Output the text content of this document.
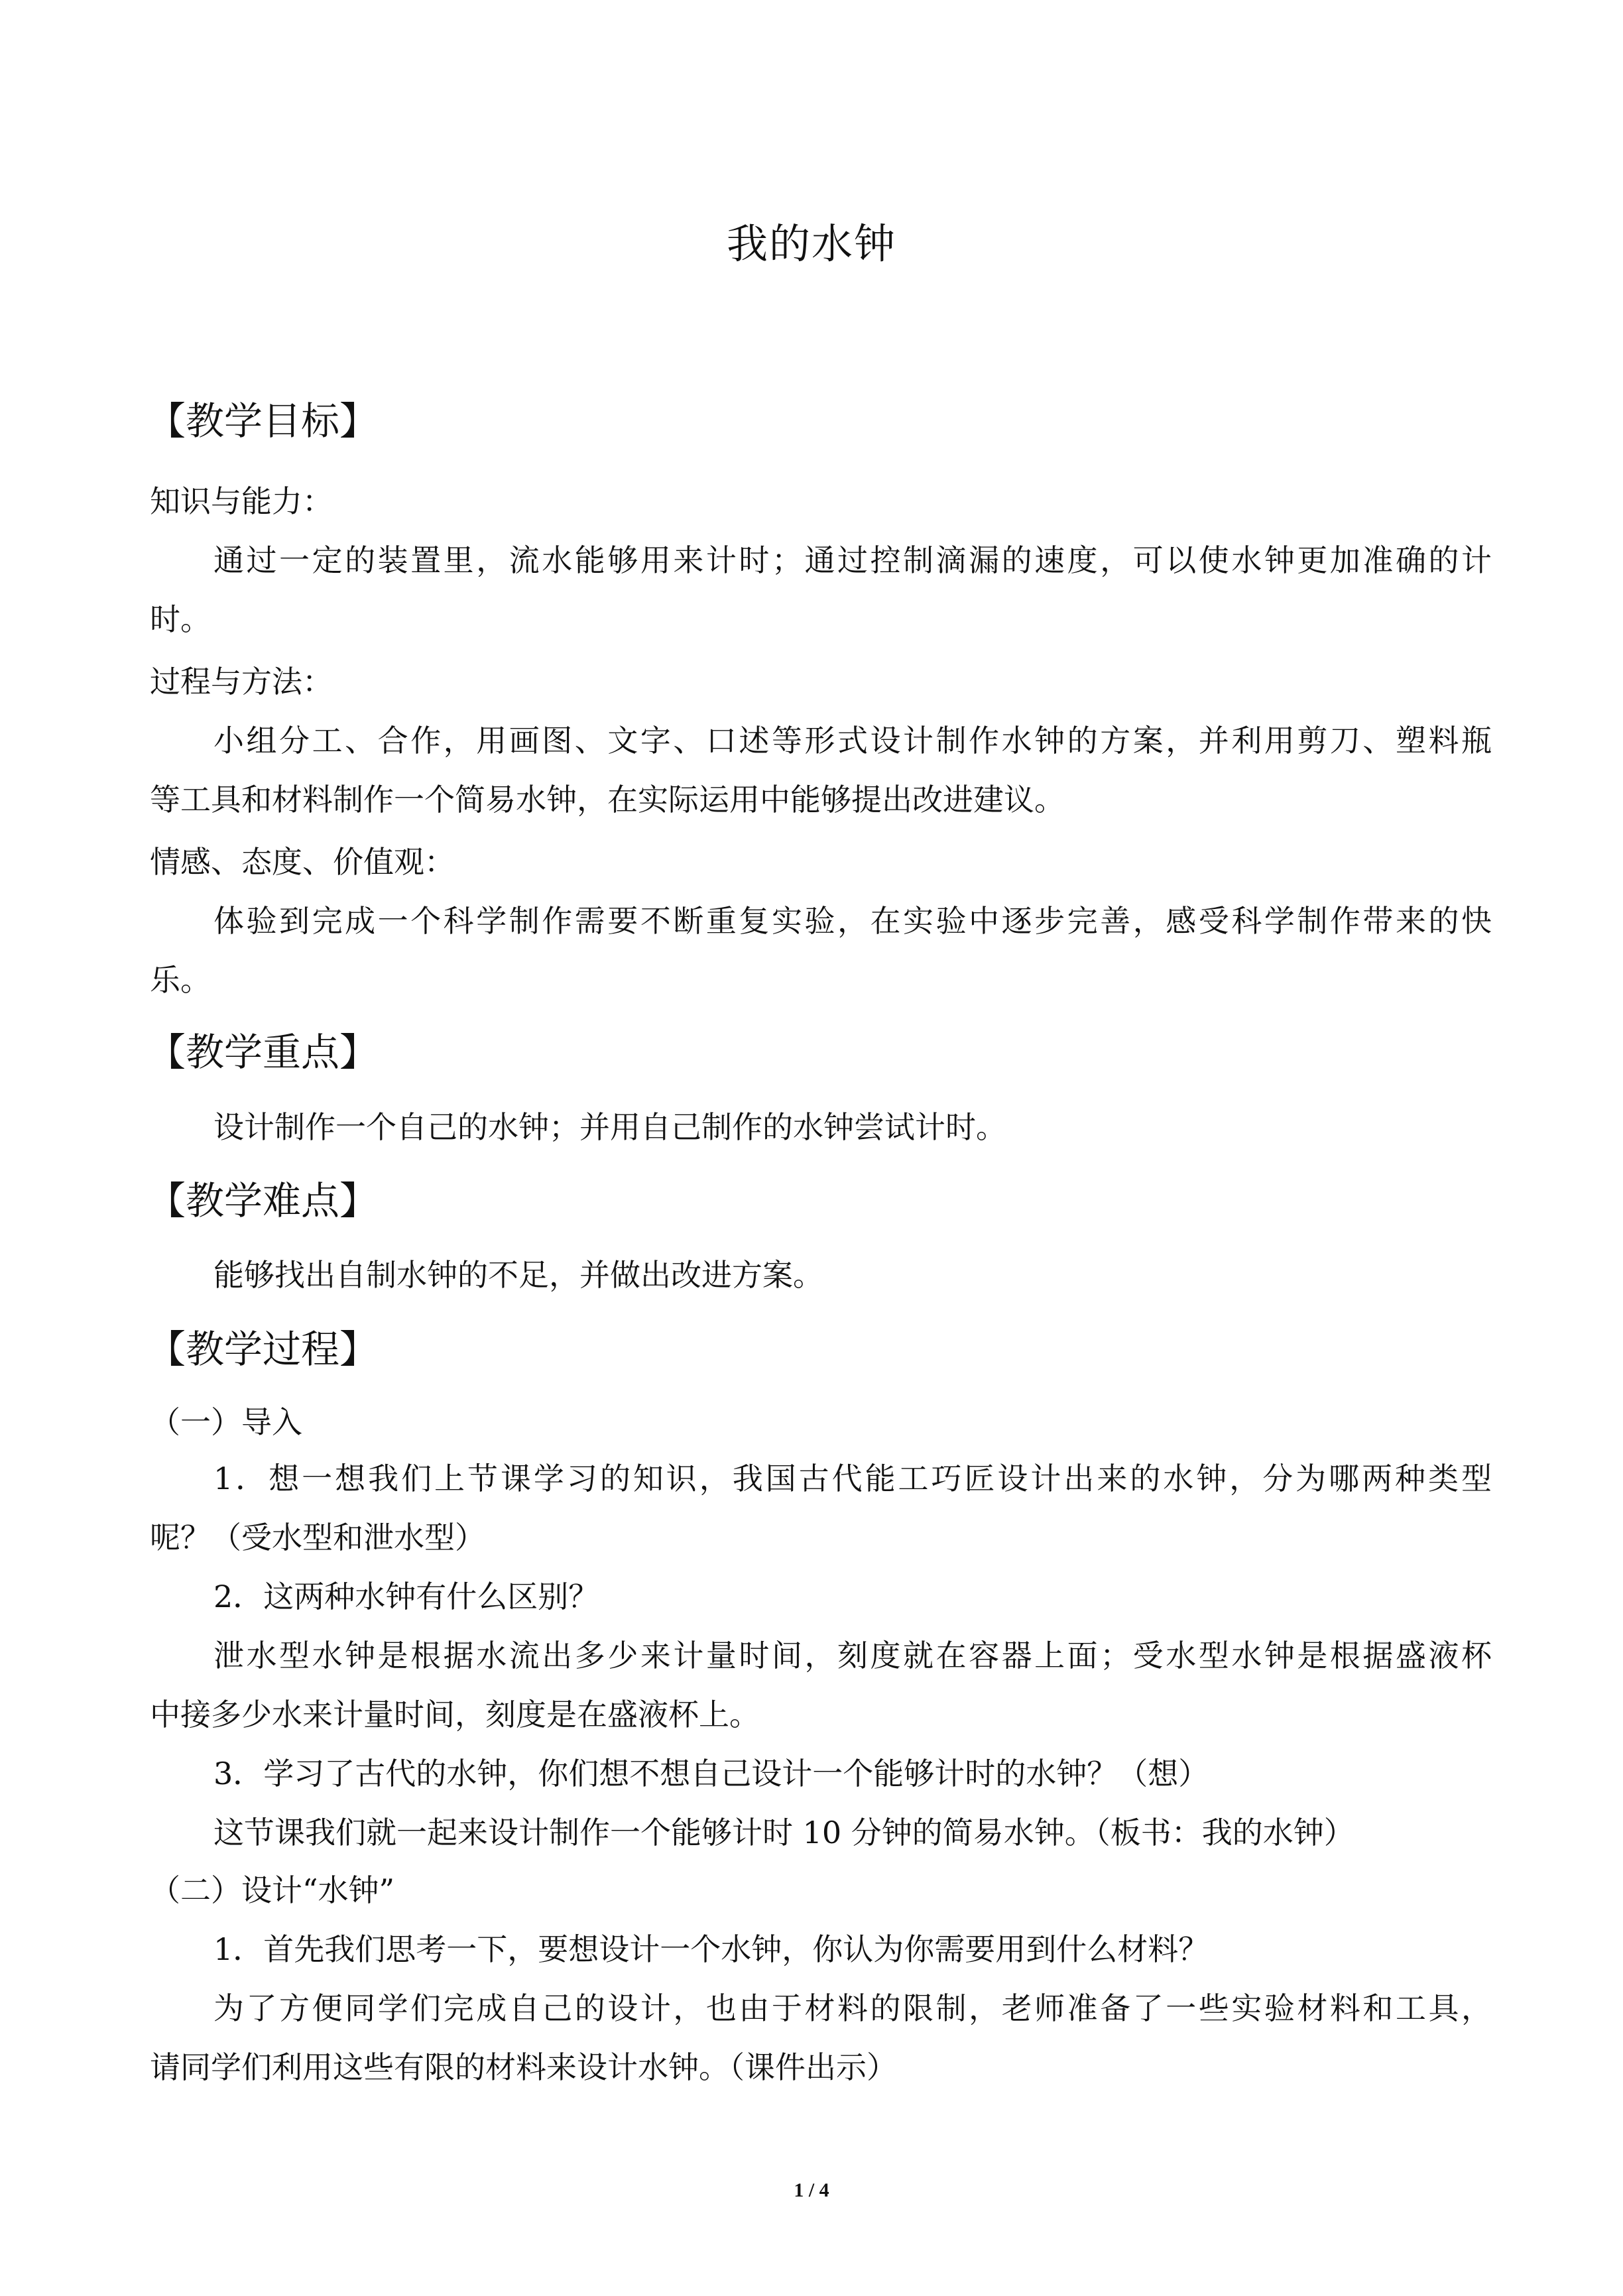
我的水钟
【教学目标】
知识与能力：
通过一定的装置里，流水能够用来计时；通过控制滴漏的速度，可以使水钟更加准确的计
时。
过程与方法：
小组分工、合作，用画图、文字、口述等形式设计制作水钟的方案，并利用剪刀、塑料瓶
等工具和材料制作一个简易水钟，在实际运用中能够提出改进建议。
情感、态度、价值观：
体验到完成一个科学制作需要不断重复实验，在实验中逐步完善，感受科学制作带来的快
乐。
【教学重点】
设计制作一个自己的水钟；并用自己制作的水钟尝试计时。
【教学难点】
能够找出自制水钟的不足，并做出改进方案。
【教学过程】
（一）导入
1．想一想我们上节课学习的知识，我国古代能工巧匠设计出来的水钟，分为哪两种类型
呢？（受水型和泄水型）
2．这两种水钟有什么区别？
泄水型水钟是根据水流出多少来计量时间，刻度就在容器上面；受水型水钟是根据盛液杯
中接多少水来计量时间，刻度是在盛液杯上。
3．学习了古代的水钟，你们想不想自己设计一个能够计时的水钟？（想）
这节课我们就一起来设计制作一个能够计时 10 分钟的简易水钟。（板书：我的水钟）
（二）设计“水钟”
1．首先我们思考一下，要想设计一个水钟，你认为你需要用到什么材料？
为了方便同学们完成自己的设计，也由于材料的限制，老师准备了一些实验材料和工具，
请同学们利用这些有限的材料来设计水钟。（课件出示）
1 / 4
